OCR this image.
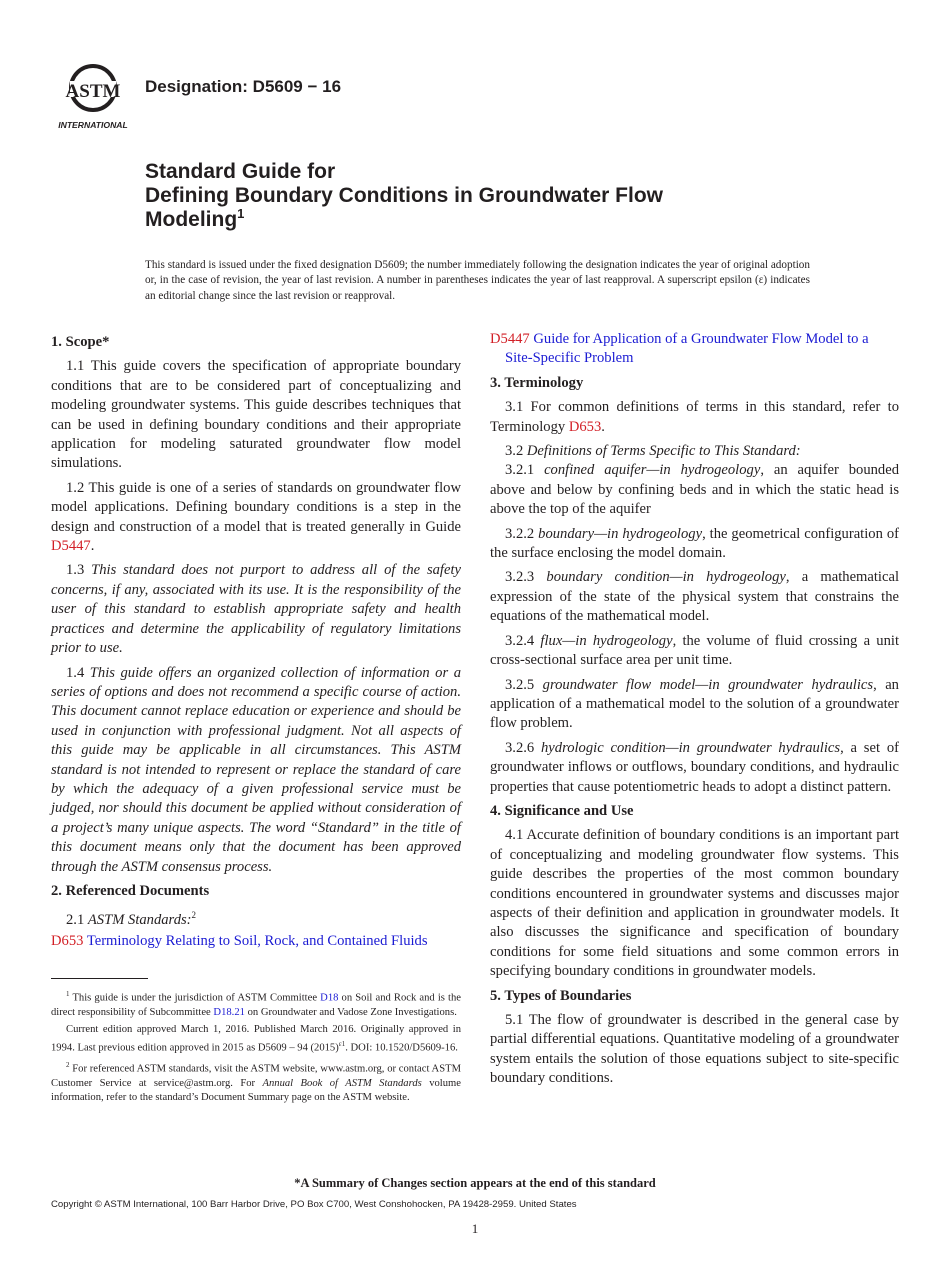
ASTM
INTERNATIONAL
Designation: D5609 − 16
Standard Guide for
Defining Boundary Conditions in Groundwater Flow
Modeling$^1$
This standard is issued under the fixed designation D5609; the number immediately following the designation indicates the year of original adoption or, in the case of revision, the year of last revision. A number in parentheses indicates the year of last reapproval. A superscript epsilon (ε) indicates an editorial change since the last revision or reapproval.
1. Scope*

1.1 This guide covers the specification of appropriate boundary conditions that are to be considered part of conceptualizing and modeling groundwater systems. This guide describes techniques that can be used in defining boundary conditions and their appropriate application for modeling saturated groundwater flow model simulations.

1.2 This guide is one of a series of standards on groundwater flow model applications. Defining boundary conditions is a step in the design and construction of a model that is treated generally in Guide D5447.

1.3 This standard does not purport to address all of the safety concerns, if any, associated with its use. It is the responsibility of the user of this standard to establish appropriate safety and health practices and determine the applicability of regulatory limitations prior to use.

1.4 This guide offers an organized collection of information or a series of options and does not recommend a specific course of action. This document cannot replace education or experience and should be used in conjunction with professional judgment. Not all aspects of this guide may be applicable in all circumstances. This ASTM standard is not intended to represent or replace the standard of care by which the adequacy of a given professional service must be judged, nor should this document be applied without consideration of a project’s many unique aspects. The word “Standard” in the title of this document means only that the document has been approved through the ASTM consensus process.

2. Referenced Documents

2.1 ASTM Standards:$^2$

D653 Terminology Relating to Soil, Rock, and Contained Fluids
D5447 Guide for Application of a Groundwater Flow Model to a Site-Specific Problem
3. Terminology

3.1 For common definitions of terms in this standard, refer to Terminology D653.

3.2 Definitions of Terms Specific to This Standard:

3.2.1 confined aquifer—in hydrogeology, an aquifer bounded above and below by confining beds and in which the static head is above the top of the aquifer

3.2.2 boundary—in hydrogeology, the geometrical configuration of the surface enclosing the model domain.

3.2.3 boundary condition—in hydrogeology, a mathematical expression of the state of the physical system that constrains the equations of the mathematical model.

3.2.4 flux—in hydrogeology, the volume of fluid crossing a unit cross-sectional surface area per unit time.

3.2.5 groundwater flow model—in groundwater hydraulics, an application of a mathematical model to the solution of a groundwater flow problem.

3.2.6 hydrologic condition—in groundwater hydraulics, a set of groundwater inflows or outflows, boundary conditions, and hydraulic properties that cause potentiometric heads to adopt a distinct pattern.

4. Significance and Use

4.1 Accurate definition of boundary conditions is an important part of conceptualizing and modeling groundwater flow systems. This guide describes the properties of the most common boundary conditions encountered in groundwater systems and discusses major aspects of their definition and application in groundwater models. It also discusses the significance and specification of boundary conditions for some field situations and some common errors in specifying boundary conditions in groundwater models.

5. Types of Boundaries

5.1 The flow of groundwater is described in the general case by partial differential equations. Quantitative modeling of a groundwater system entails the solution of those equations subject to site-specific boundary conditions.

$^1$ This guide is under the jurisdiction of ASTM Committee D18 on Soil and Rock and is the direct responsibility of Subcommittee D18.21 on Groundwater and Vadose Zone Investigations.

Current edition approved March 1, 2016. Published March 2016. Originally approved in 1994. Last previous edition approved in 2015 as D5609 – 94 $(2015)^{\varepsilon 1}$. DOI: 10.1520/D5609-16.

$^2$ For referenced ASTM standards, visit the ASTM website, www.astm.org, or contact ASTM Customer Service at service@astm.org. For Annual Book of ASTM Standards volume information, refer to the standard’s Document Summary page on the ASTM website.

*A Summary of Changes section appears at the end of this standard
Copyright © ASTM International, 100 Barr Harbor Drive, PO Box C700, West Conshohocken, PA 19428-2959. United States
1
